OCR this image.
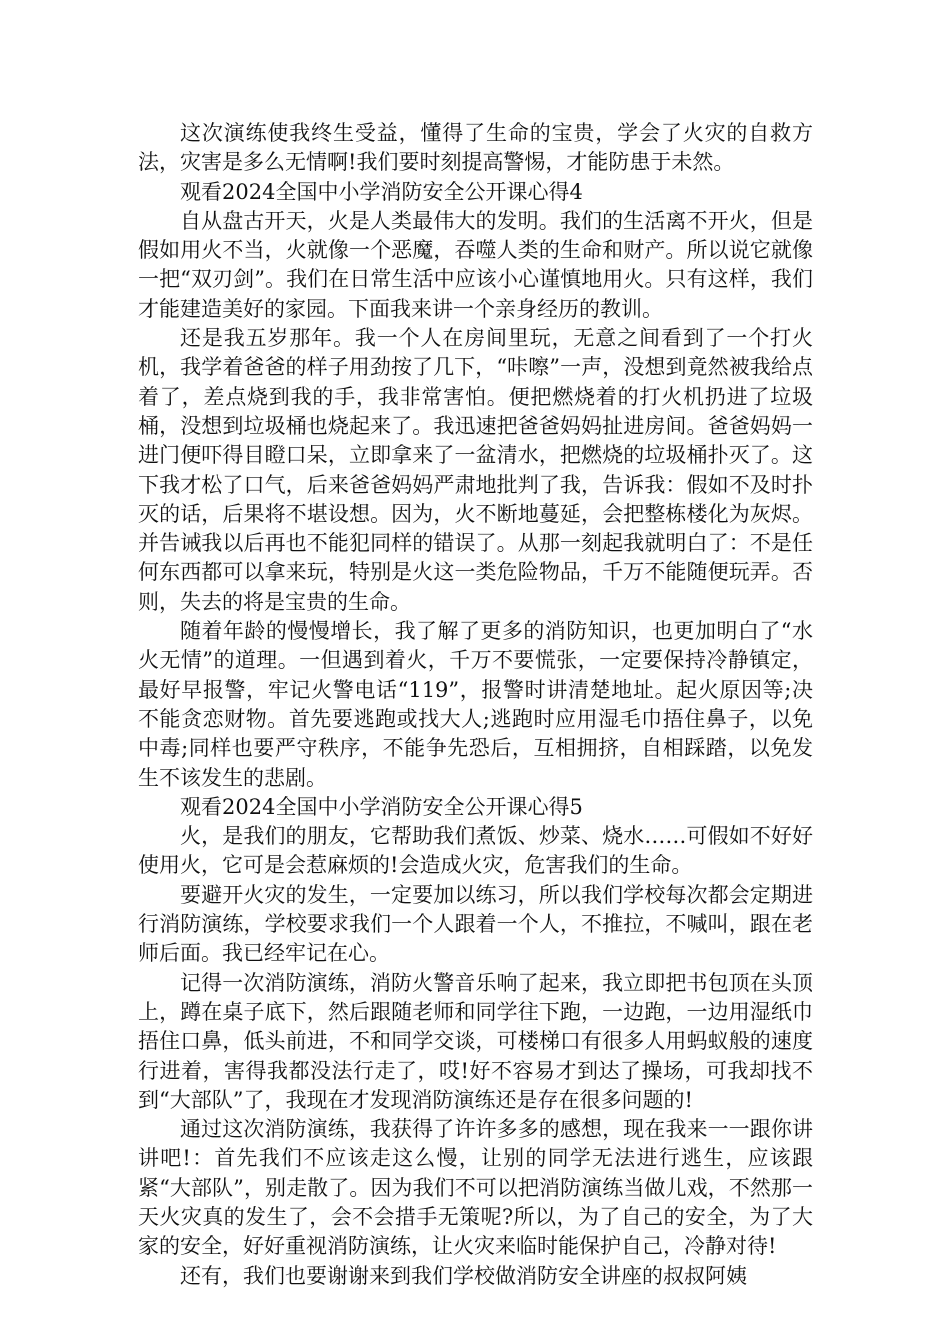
这次演练使我终生受益，懂得了生命的宝贵，学会了火灾的自救方法，灾害是多么无情啊!我们要时刻提高警惕，才能防患于未然。

观看2024全国中小学消防安全公开课心得4

自从盘古开天，火是人类最伟大的发明。我们的生活离不开火，但是假如用火不当，火就像一个恶魔，吞噬人类的生命和财产。所以说它就像一把“双刃剑”。我们在日常生活中应该小心谨慎地用火。只有这样，我们才能建造美好的家园。下面我来讲一个亲身经历的教训。

还是我五岁那年。我一个人在房间里玩，无意之间看到了一个打火机，我学着爸爸的样子用劲按了几下，“咔嚓”一声，没想到竟然被我给点着了，差点烧到我的手，我非常害怕。便把燃烧着的打火机扔进了垃圾桶，没想到垃圾桶也烧起来了。我迅速把爸爸妈妈扯进房间。爸爸妈妈一进门便吓得目瞪口呆，立即拿来了一盆清水，把燃烧的垃圾桶扑灭了。这下我才松了口气，后来爸爸妈妈严肃地批判了我，告诉我：假如不及时扑灭的话，后果将不堪设想。因为，火不断地蔓延，会把整栋楼化为灰烬。并告诫我以后再也不能犯同样的错误了。从那一刻起我就明白了：不是任何东西都可以拿来玩，特别是火这一类危险物品，千万不能随便玩弄。否则，失去的将是宝贵的生命。

随着年龄的慢慢增长，我了解了更多的消防知识，也更加明白了“水火无情”的道理。一但遇到着火，千万不要慌张，一定要保持冷静镇定，最好早报警，牢记火警电话“119”，报警时讲清楚地址。起火原因等;决不能贪恋财物。首先要逃跑或找大人;逃跑时应用湿毛巾捂住鼻子，以免中毒;同样也要严守秩序，不能争先恐后，互相拥挤，自相踩踏，以免发生不该发生的悲剧。

观看2024全国中小学消防安全公开课心得5

火，是我们的朋友，它帮助我们煮饭、炒菜、烧水……可假如不好好使用火，它可是会惹麻烦的!会造成火灾，危害我们的生命。

要避开火灾的发生，一定要加以练习，所以我们学校每次都会定期进行消防演练，学校要求我们一个人跟着一个人，不推拉，不喊叫，跟在老师后面。我已经牢记在心。

记得一次消防演练，消防火警音乐响了起来，我立即把书包顶在头顶上，蹲在桌子底下，然后跟随老师和同学往下跑，一边跑，一边用湿纸巾捂住口鼻，低头前进，不和同学交谈，可楼梯口有很多人用蚂蚁般的速度行进着，害得我都没法行走了，哎!好不容易才到达了操场，可我却找不到“大部队”了，我现在才发现消防演练还是存在很多问题的!

通过这次消防演练，我获得了许许多多的感想，现在我来一一跟你讲讲吧!：首先我们不应该走这么慢，让别的同学无法进行逃生，应该跟紧“大部队”，别走散了。因为我们不可以把消防演练当做儿戏，不然那一天火灾真的发生了，会不会措手无策呢?所以，为了自己的安全，为了大家的安全，好好重视消防演练，让火灾来临时能保护自己，冷静对待!

还有，我们也要谢谢来到我们学校做消防安全讲座的叔叔阿姨
